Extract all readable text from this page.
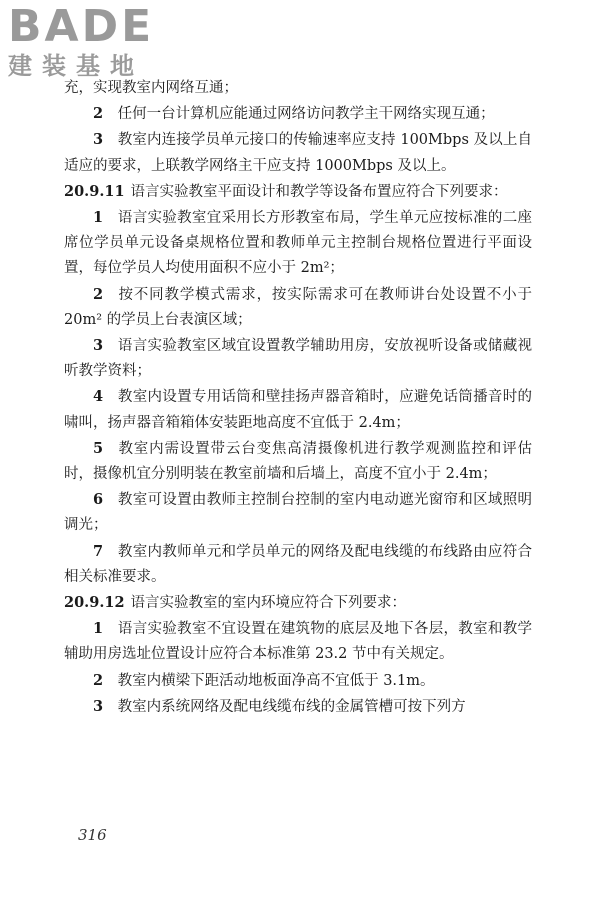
BADE
建装基地

充，实现教室内网络互通；

2  任何一台计算机应能通过网络访问教学主干网络实现互通；

3  教室内连接学员单元接口的传输速率应支持 100Mbps 及以上自适应的要求，上联教学网络主干应支持 1000Mbps 及以上。

20.9.11 语言实验教室平面设计和教学等设备布置应符合下列要求：

1  语言实验教室宜采用长方形教室布局，学生单元应按标准的二座席位学员单元设备桌规格位置和教师单元主控制台规格位置进行平面设置，每位学员人均使用面积不应小于 2m²；

2  按不同教学模式需求，按实际需求可在教师讲台处设置不小于 20m² 的学员上台表演区域；

3  语言实验教室区域宜设置教学辅助用房，安放视听设备或储藏视听教学资料；

4  教室内设置专用话筒和壁挂扬声器音箱时，应避免话筒播音时的啸叫，扬声器音箱箱体安装距地高度不宜低于 2.4m；

5  教室内需设置带云台变焦高清摄像机进行教学观测监控和评估时，摄像机宜分别明装在教室前墙和后墙上，高度不宜小于 2.4m；

6  教室可设置由教师主控制台控制的室内电动遮光窗帘和区域照明调光；

7  教室内教师单元和学员单元的网络及配电线缆的布线路由应符合相关标准要求。

20.9.12 语言实验教室的室内环境应符合下列要求：

1  语言实验教室不宜设置在建筑物的底层及地下各层，教室和教学辅助用房选址位置设计应符合本标准第 23.2 节中有关规定。

2  教室内横梁下距活动地板面净高不宜低于 3.1m。

3  教室内系统网络及配电线缆布线的金属管槽可按下列方

316
